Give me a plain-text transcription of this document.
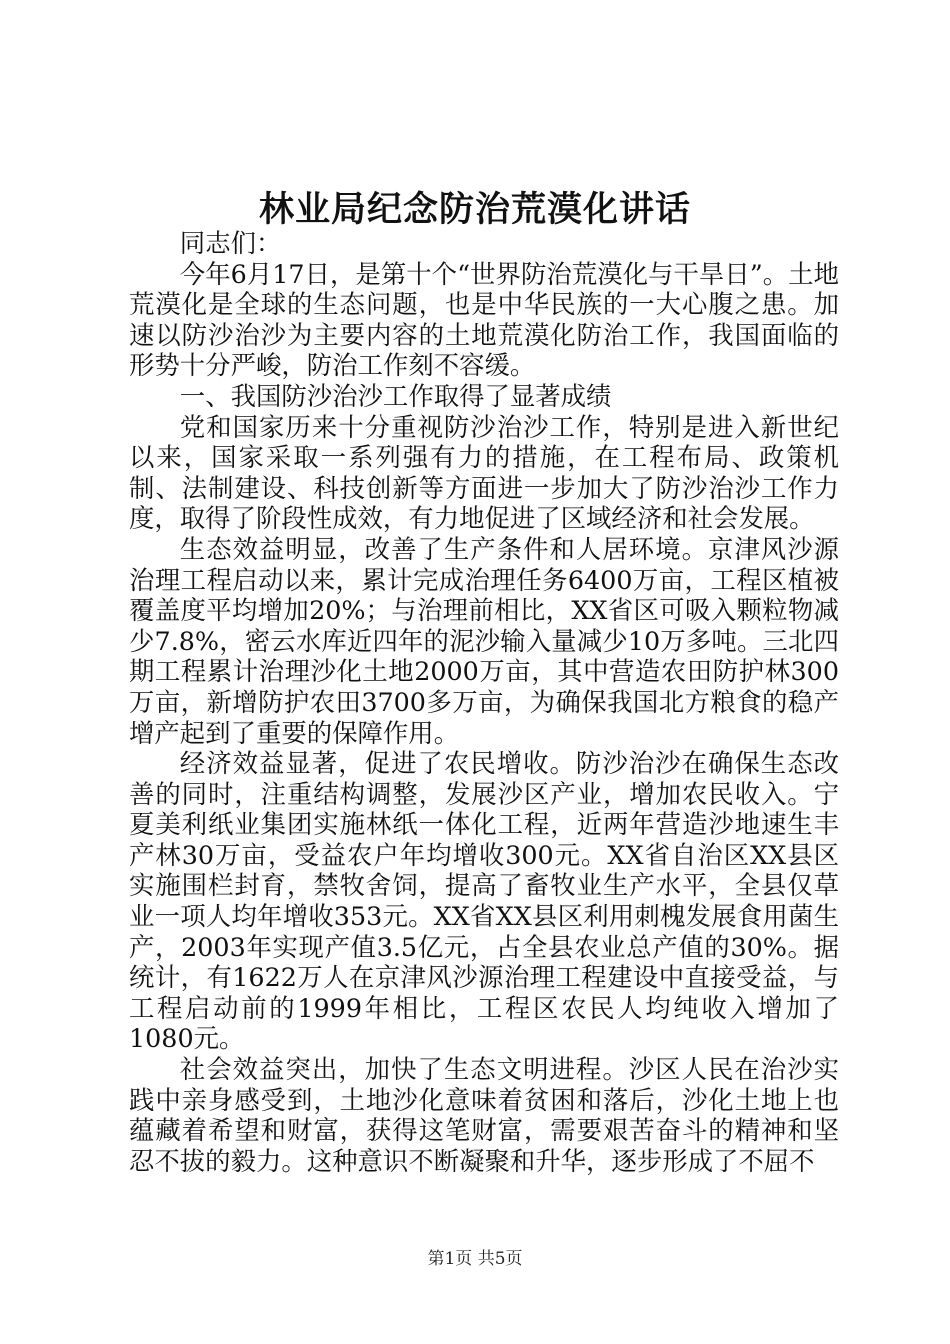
林业局纪念防治荒漠化讲话

同志们：

今年6月17日，是第十个“世界防治荒漠化与干旱日”。土地荒漠化是全球的生态问题，也是中华民族的一大心腹之患。加速以防沙治沙为主要内容的土地荒漠化防治工作，我国面临的形势十分严峻，防治工作刻不容缓。

一、我国防沙治沙工作取得了显著成绩

党和国家历来十分重视防沙治沙工作，特别是进入新世纪以来，国家采取一系列强有力的措施，在工程布局、政策机制、法制建设、科技创新等方面进一步加大了防沙治沙工作力度，取得了阶段性成效，有力地促进了区域经济和社会发展。

生态效益明显，改善了生产条件和人居环境。京津风沙源治理工程启动以来，累计完成治理任务6400万亩，工程区植被覆盖度平均增加20%；与治理前相比，XX省区可吸入颗粒物减少7.8%，密云水库近四年的泥沙输入量减少10万多吨。三北四期工程累计治理沙化土地2000万亩，其中营造农田防护林300万亩，新增防护农田3700多万亩，为确保我国北方粮食的稳产增产起到了重要的保障作用。

经济效益显著，促进了农民增收。防沙治沙在确保生态改善的同时，注重结构调整，发展沙区产业，增加农民收入。宁夏美利纸业集团实施林纸一体化工程，近两年营造沙地速生丰产林30万亩，受益农户年均增收300元。XX省自治区XX县区实施围栏封育，禁牧舍饲，提高了畜牧业生产水平，全县仅草业一项人均年增收353元。XX省XX县区利用刺槐发展食用菌生产，2003年实现产值3.5亿元，占全县农业总产值的30%。据统计，有1622万人在京津风沙源治理工程建设中直接受益，与工程启动前的1999年相比，工程区农民人均纯收入增加了1080元。

社会效益突出，加快了生态文明进程。沙区人民在治沙实践中亲身感受到，土地沙化意味着贫困和落后，沙化土地上也蕴藏着希望和财富，获得这笔财富，需要艰苦奋斗的精神和坚忍不拔的毅力。这种意识不断凝聚和升华，逐步形成了不屈不

第1页 共5页
